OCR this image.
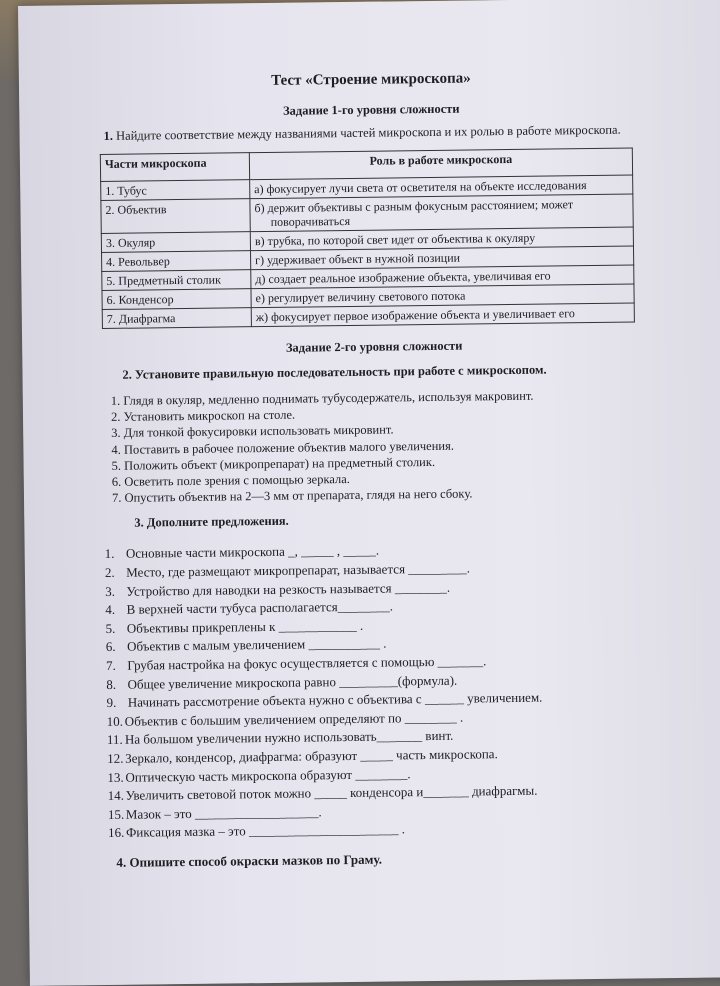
Тест «Строение микроскопа»
Задание 1-го уровня сложности
1. Найдите соответствие между названиями частей микроскопа и их ролью в работе микроскопа.
Части микроскопа	Роль в работе микроскопа
1. Тубус	а) фокусирует лучи света от осветителя на объекте исследования

2. Объектив	б) держит объективы с разным фокусным расстоянием; может поворачиваться

3. Окуляр	в) трубка, по которой свет идет от объектива к окуляру

4. Револьвер	г) удерживает объект в нужной позиции

5. Предметный столик	д) создает реальное изображение объекта, увеличивая его

6. Конденсор	е) регулирует величину светового потока

7. Диафрагма	ж) фокусирует первое изображение объекта и увеличивает его
Задание 2-го уровня сложности
2. Установите правильную последовательность при работе с микроскопом.
1. Глядя в окуляр, медленно поднимать тубусодержатель, используя макровинт.
2. Установить микроскоп на столе.
3. Для тонкой фокусировки использовать микровинт.
4. Поставить в рабочее положение объектив малого увеличения.
5. Положить объект (микропрепарат) на предметный столик.
6. Осветить поле зрения с помощью зеркала.
7. Опустить объектив на 2—3 мм от препарата, глядя на него сбоку.
3. Дополните предложения.
1. Основные части микроскопа _, _____ , _____.
2. Место, где размещают микропрепарат, называется _________.
3. Устройство для наводки на резкость называется ________.
4. В верхней части тубуса располагается________.
5. Объективы прикреплены к ____________ .
6. Объектив с малым увеличением ___________ .
7. Грубая настройка на фокус осуществляется с помощью _______.
8. Общее увеличение микроскопа равно _________(формула).
9. Начинать рассмотрение объекта нужно с объектива с ______ увеличением.
10. Объектив с большим увеличением определяют по ________ .
11. На большом увеличении нужно использовать_______ винт.
12. Зеркало, конденсор, диафрагма: образуют _____ часть микроскопа.
13. Оптическую часть микроскопа образуют ________.
14. Увеличить световой поток можно _____ конденсора и_______ диафрагмы.
15. Мазок – это ___________________.
16. Фиксация мазка – это _______________________ .
4. Опишите способ окраски мазков по Граму.
